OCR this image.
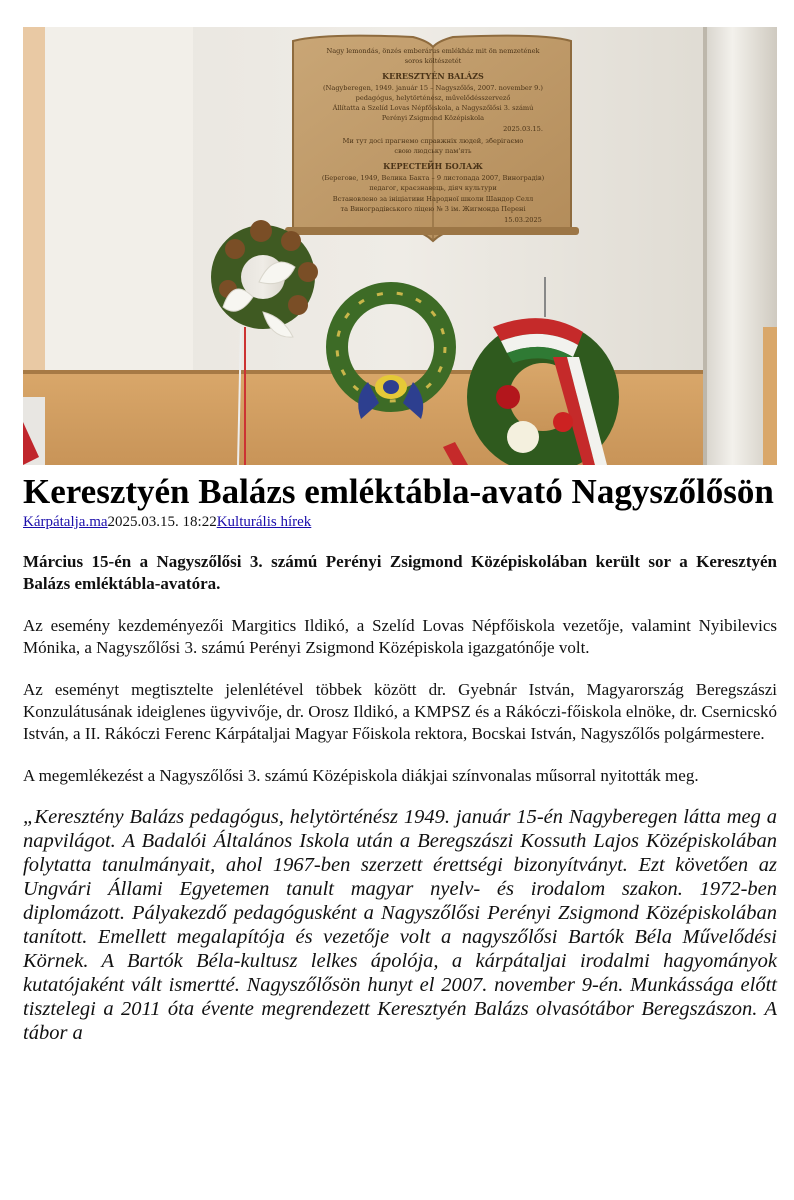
Nagy lemondás, önzés emberárus emlékház mit ön nemzetének
soros költészetét
KERESZTYÉN BALÁZS
(Nagyberegen, 1949. január 15 – Nagyszőlős, 2007. november 9.)
pedagógus, helytörténész, művelődésszervező
Állítatta a Szelíd Lovas Népfőiskola, a Nagyszőlősi 3. számú
Perényi Zsigmond Középiskola
2025.03.15.
Ми тут досі прагнемо справжніх людей, зберігаємо
свою людську пам'ять
КЕРЕСТЕЙН БОЛАЖ
(Берегове, 1949, Велика Бакта – 9 листопада 2007, Виноградів)
педагог, краєзнавець, діяч культури
Встановлено за ініціативи Народної школи Шандор Селл
та Виноградівського ліцею № 3 ім. Жигмонда Перені
15.03.2025
Keresztyén Balázs emléktábla-avató Nagyszőlősön
Kárpátalja.ma2025.03.15. 18:22Kulturális hírek

Március 15-én a Nagyszőlősi 3. számú Perényi Zsigmond Középiskolában került sor a Keresztyén Balázs emléktábla-avatóra.

Az esemény kezdeményezői Margitics Ildikó, a Szelíd Lovas Népfőiskola vezetője, valamint Nyibilevics Mónika, a Nagyszőlősi 3. számú Perényi Zsigmond Középiskola igazgatónője volt.

Az eseményt megtisztelte jelenlétével többek között dr. Gyebnár István, Magyarország Beregszászi Konzulátusának ideiglenes ügyvivője, dr. Orosz Ildikó, a KMPSZ és a Rákóczi-főiskola elnöke, dr. Csernicskó István, a II. Rákóczi Ferenc Kárpátaljai Magyar Főiskola rektora, Bocskai István, Nagyszőlős polgármestere.

A megemlékezést a Nagyszőlősi 3. számú Középiskola diákjai színvonalas műsorral nyitották meg.

„Keresztény Balázs pedagógus, helytörténész 1949. január 15-én Nagyberegen látta meg a napvilágot. A Badalói Általános Iskola után a Beregszászi Kossuth Lajos Középiskolában folytatta tanulmányait, ahol 1967-ben szerzett érettségi bizonyítványt. Ezt követően az Ungvári Állami Egyetemen tanult magyar nyelv- és irodalom szakon. 1972-ben diplomázott. Pályakezdő pedagógusként a Nagyszőlősi Perényi Zsigmond Középiskolában tanított. Emellett megalapítója és vezetője volt a nagyszőlősi Bartók Béla Művelődési Körnek. A Bartók Béla-kultusz lelkes ápolója, a kárpátaljai irodalmi hagyományok kutatójaként vált ismertté. Nagyszőlősön hunyt el 2007. november 9-én. Munkássága előtt tisztelegi a 2011 óta évente megrendezett Keresztyén Balázs olvasótábor Beregszászon. A tábor a
